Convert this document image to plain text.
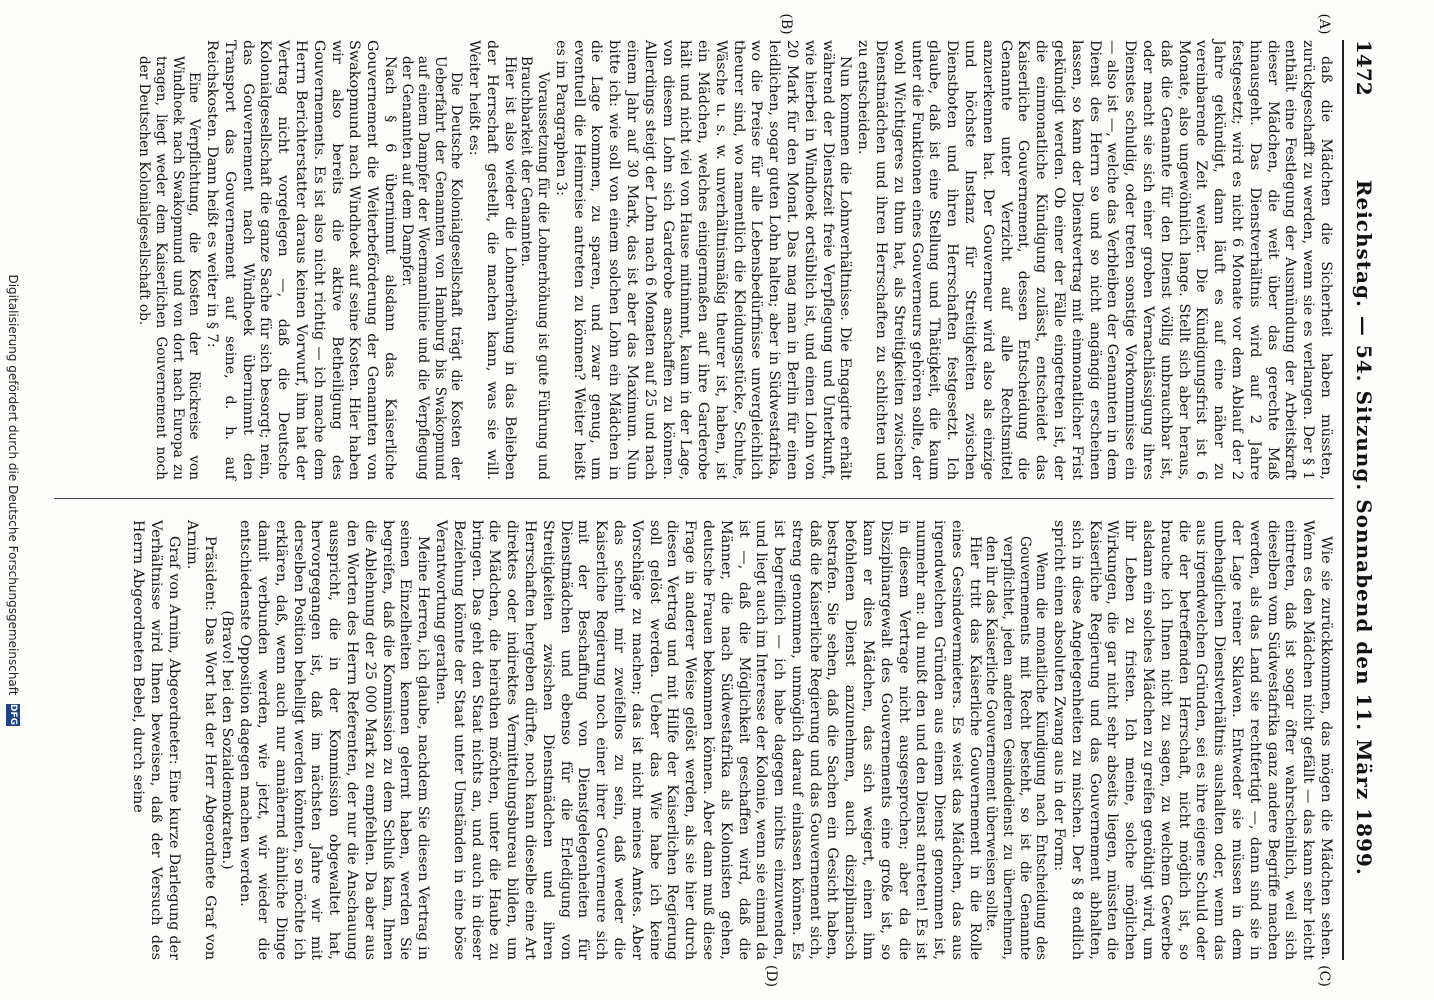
1472
Reichstag. — 54. Sitzung. Sonnabend den 11. März 1899.
(A)
(B)
(C)
(D)

daß die Mädchen die Sicherheit haben müssten, zurückgeschafft zu werden, wenn sie es verlangen. Der § 1 enthält eine Festlegung der Ausmündung der Arbeitskraft dieser Mädchen, die weit über das gerechte Maß hinausgeht. Das Dienstverhältnis wird auf 2 Jahre festgesetzt; wird es nicht 6 Monate vor dem Ablauf der 2 Jahre gekündigt, dann läuft es auf eine näher zu vereinbarende Zeit weiter. Die Kündigungsfrist ist 6 Monate, also ungewöhnlich lange. Stellt sich aber heraus, daß die Genannte für den Dienst völlig unbrauchbar ist, oder macht sie sich einer groben Vernachlässigung ihres Dienstes schuldig, oder treten sonstige Vorkommnisse ein — also ist —, welche das Verbleiben der Genannten in dem Dienst des Herrn so und so nicht angängig erscheinen lassen, so kann der Dienstvertrag mit einmonatlicher Frist gekündigt werden. Ob einer der Fälle eingetreten ist, der die einmonatliche Kündigung zulässt, entscheidet das Kaiserliche Gouvernement, dessen Entscheidung die Genannte unter Verzicht auf alle Rechtsmittel anzuerkennen hat. Der Gouverneur wird also als einzige und höchste Instanz für Streitigkeiten zwischen Dienstboten und ihren Herrschaften festgesetzt. Ich glaube, daß ist eine Stellung und Thätigkeit, die kaum unter die Funktionen eines Gouverneurs gehören sollte, der wohl Wichtigeres zu thun hat, als Streitigkeiten zwischen Dienstmädchen und ihren Herrschaften zu schlichten und zu entscheiden.

Nun kommen die Lohnverhältnisse. Die Engagirte erhält während der Dienstzeit freie Verpflegung und Unterkunft, wie hierbei in Windhoek ortsüblich ist, und einen Lohn von 20 Mark für den Monat. Das mag man in Berlin für einen leidlichen, sogar guten Lohn halten; aber in Südwestafrika, wo die Preise für alle Lebensbedürfnisse unvergleichlich theurer sind, wo namentlich die Kleidungsstücke, Schuhe, Wäsche u. s. w. unverhältnismäßig theurer ist, haben, ist ein Mädchen, welches einigermaßen auf ihre Garderobe hält und nicht viel von Hause mitnimmt, kaum in der Lage, von diesem Lohn sich Garderobe anschaffen zu können. Allerdings steigt der Lohn nach 6 Monaten auf 25 und nach einem Jahr auf 30 Mark, das ist aber das Maximum. Nun bitte ich: wie soll von einem solchen Lohn ein Mädchen in die Lage kommen, zu sparen, und zwar genug, um eventuell die Heimreise antreten zu können? Weiter heißt es im Paragraphen 3:

Voraussetzung für die Lohnerhöhung ist gute Führung und Brauchbarkeit der Genannten.

Hier ist also wieder die Lohnerhöhung in das Belieben der Herrschaft gestellt, die machen kann, was sie will. Weiter heißt es:

Die Deutsche Kolonialgesellschaft trägt die Kosten der Ueberfahrt der Genannten von Hamburg bis Swakopmund auf einem Dampfer der Woermannlinie und die Verpflegung der Genannten auf dem Dampfer.

Nach § 6 übernimmt alsdann das Kaiserliche Gouvernement die Weiterbeförderung der Genannten von Swakopmund nach Windhoek auf seine Kosten. Hier haben wir also bereits die aktive Betheiligung des Gouvernements. Es ist also nicht richtig — ich mache dem Herrn Berichterstatter daraus keinen Vorwurf, ihm hat der Vertrag nicht vorgelegen —, daß die Deutsche Kolonialgesellschaft die ganze Sache für sich besorgt; nein, das Gouvernement nach Windhoek übernimmt den Transport das Gouvernement auf seine, d. h. auf Reichskosten. Dann heißt es weiter in § 7:

Eine Verpflichtung, die Kosten der Rückreise von Windhoek nach Swakopmund und von dort nach Europa zu tragen, liegt weder dem Kaiserlichen Gouvernement noch der Deutschen Kolonialgesellschaft ob.

Wie sie zurückkommen, das mögen die Mädchen sehen. Wenn es den Mädchen nicht gefällt — das kann sehr leicht eintreten, daß ist sogar öfter wahrscheinlich, weil sich dieselben vom Südwestafrika ganz andere Begriffe machen werden, als das Land sie rechtfertigt —, dann sind sie in der Lage reiner Sklaven. Entweder sie müssen in dem unbehaglichen Dienstverhältnis aushalten oder, wenn das aus irgendwelchen Gründen, sei es ihre eigene Schuld oder die der betreffenden Herrschaft, nicht möglich ist, so brauche ich Ihnen nicht zu sagen, zu welchem Gewerbe alsdann ein solches Mädchen zu greifen genöthigt wird, um ihr Leben zu fristen. Ich meine, solche möglichen Wirkungen, die gar nicht sehr abseits liegen, müssten die Kaiserliche Regierung und das Gouvernement abhalten, sich in diese Angelegenheiten zu mischen. Der § 8 endlich spricht einen absoluten Zwang aus in der Form:

Wenn die monatliche Kündigung nach Entscheidung des Gouvernements mit Recht besteht, so ist die Genannte verpflichtet, jeden anderen Gesindedienst zu übernehmen, den ihr das Kaiserliche Gouvernement überweisen sollte.

Hier tritt das Kaiserliche Gouvernement in die Rolle eines Gesindevermieters. Es weist das Mädchen, das aus irgendwelchen Gründen aus einem Dienst genommen ist, nunmehr an: du mußt den und den Dienst antreten! Es ist in diesem Vertrage nicht ausgesprochen; aber da die Disziplinargewalt des Gouvernements eine große ist, so kann er dies Mädchen, das sich weigert, einen ihm befohlenen Dienst anzunehmen, auch disziplinarisch bestrafen. Sie sehen, daß die Sachen ein Gesicht haben, daß die Kaiserliche Regierung und das Gouvernement sich, streng genommen, unmöglich darauf einlassen können. Es ist begreiflich — ich habe dagegen nichts einzuwenden, und liegt auch im Interesse der Kolonie, wenn sie einmal da ist —, daß die Möglichkeit geschaffen wird, daß die Männer, die nach Südwestafrika als Kolonisten gehen, deutsche Frauen bekommen können. Aber dann muß diese Frage in anderer Weise gelöst werden, als sie hier durch diesen Vertrag und mit Hilfe der Kaiserlichen Regierung soll gelöst werden. Ueber das Wie habe ich keine Vorschläge zu machen; das ist nicht meines Amtes. Aber das scheint mir zweifellos zu sein, daß weder die Kaiserliche Regierung noch einer ihrer Gouverneure sich mit der Beschaffung von Dienstgelegenheiten für Dienstmädchen und ebenso für die Erledigung von Streitigkeiten zwischen Dienstmädchen und ihren Herrschaften hergeben dürfte, noch kann dieselbe eine Art direktes oder indirektes Vermittelungsbureau bilden, um die Mädchen, die heirathen möchten, unter die Haube zu bringen. Das geht den Staat nichts an, und auch in dieser Beziehung könnte der Staat unter Umständen in eine böse Verantwortung gerathen.

Meine Herren, ich glaube, nachdem Sie diesen Vertrag in seinen Einzelheiten kennen gelernt haben, werden Sie begreifen, daß die Kommission zu dem Schluß kam, Ihnen die Ablehnung der 25 000 Mark zu empfehlen. Da aber aus den Worten des Herrn Referenten, der nur die Anschauung ausspricht, die in der Kommission obgewaltet hat, hervorgegangen ist, daß im nächsten Jahre wir mit derselben Position behelligt werden könnten, so möchte ich erklären, daß, wenn auch nur annähernd ähnliche Dinge damit verbunden werden, wie jetzt, wir wieder die entschiedenste Opposition dagegen machen werden.

(Bravo! bei den Sozialdemokraten.)

Präsident: Das Wort hat der Herr Abgeordnete Graf von Arnim.

Graf von Arnim, Abgeordneter: Eine kurze Darlegung der Verhältnisse wird Ihnen beweisen, daß der Versuch des Herrn Abgeordneten Bebel, durch seine

Digitalisierung gefördert durch die Deutsche Forschungsgemeinschaft
DFG
